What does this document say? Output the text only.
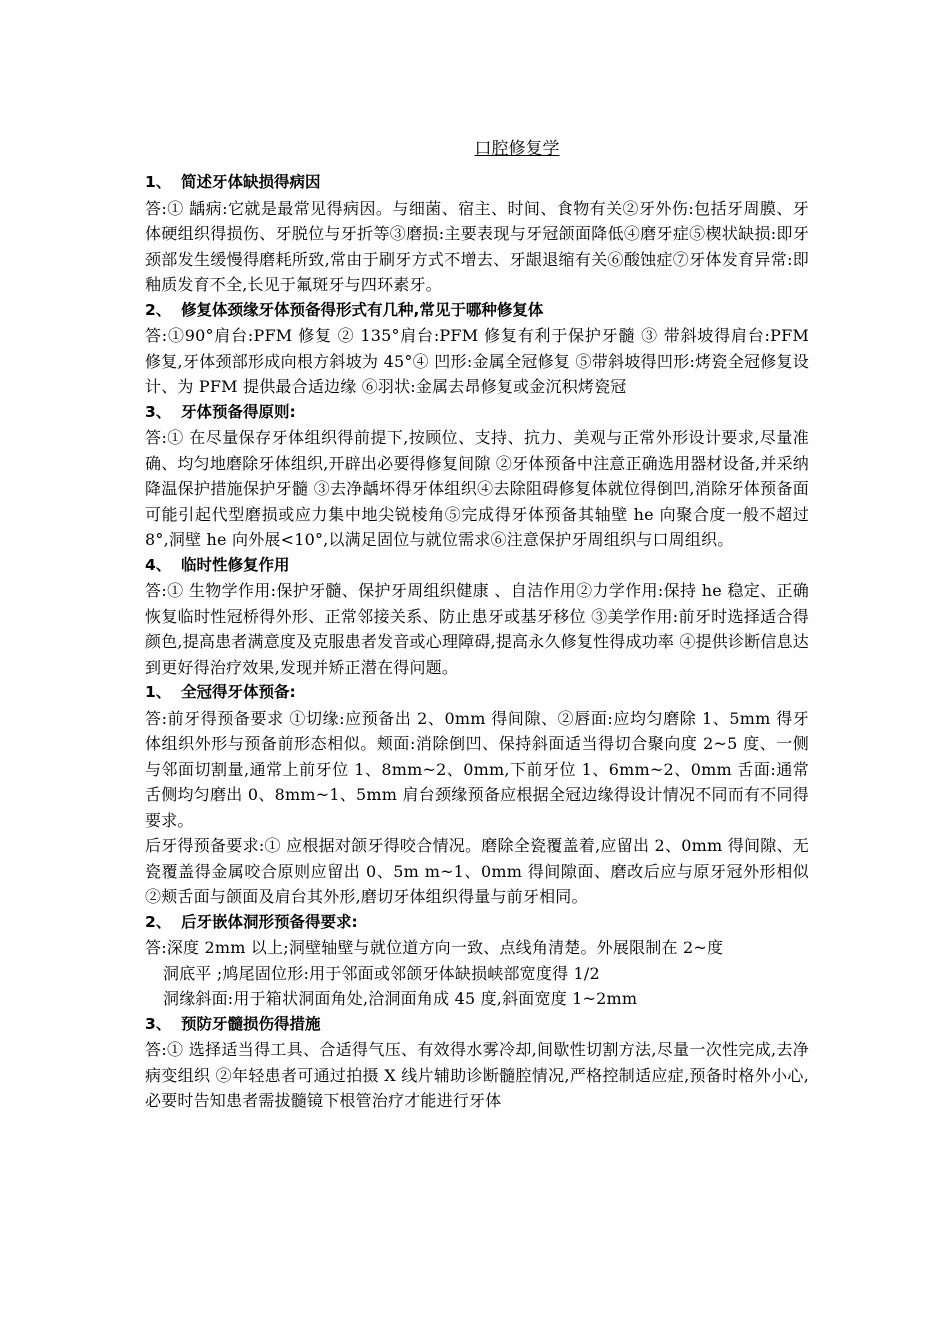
口腔修复学

1、 简述牙体缺损得病因

答:① 龋病:它就是最常见得病因。与细菌、宿主、时间、食物有关②牙外伤:包括牙周膜、牙体硬组织得损伤、牙脱位与牙折等③磨损:主要表现与牙冠颌面降低④磨牙症⑤楔状缺损:即牙颈部发生缓慢得磨耗所致,常由于刷牙方式不增去、牙龈退缩有关⑥酸蚀症⑦牙体发育异常:即釉质发育不全,长见于氟斑牙与四环素牙。

2、 修复体颈缘牙体预备得形式有几种,常见于哪种修复体

答:①90°肩台:PFM 修复 ② 135°肩台:PFM 修复有利于保护牙髓 ③ 带斜坡得肩台:PFM 修复,牙体颈部形成向根方斜坡为 45°④ 凹形:金属全冠修复 ⑤带斜坡得凹形:烤瓷全冠修复设计、为 PFM 提供最合适边缘 ⑥羽状:金属去昂修复或金沉积烤瓷冠

3、 牙体预备得原则:

答:① 在尽量保存牙体组织得前提下,按顾位、支持、抗力、美观与正常外形设计要求,尽量准确、均匀地磨除牙体组织,开辟出必要得修复间隙 ②牙体预备中注意正确选用器材设备,并采纳降温保护措施保护牙髓 ③去净龋坏得牙体组织④去除阻碍修复体就位得倒凹,消除牙体预备面可能引起代型磨损或应力集中地尖锐棱角⑤完成得牙体预备其轴壁 he 向聚合度一般不超过 8°,洞壁 he 向外展<10°,以满足固位与就位需求⑥注意保护牙周组织与口周组织。

4、 临时性修复作用

答:① 生物学作用:保护牙髓、保护牙周组织健康 、自洁作用②力学作用:保持 he 稳定、正确恢复临时性冠桥得外形、正常邻接关系、防止患牙或基牙移位 ③美学作用:前牙时选择适合得颜色,提高患者满意度及克服患者发音或心理障碍,提高永久修复性得成功率 ④提供诊断信息达到更好得治疗效果,发现并矫正潜在得问题。

1、 全冠得牙体预备:

答:前牙得预备要求 ①切缘:应预备出 2、0mm 得间隙、②唇面:应均匀磨除 1、5mm 得牙体组织外形与预备前形态相似。颊面:消除倒凹、保持斜面适当得切合聚向度 2~5 度、一侧与邻面切割量,通常上前牙位 1、8mm~2、0mm,下前牙位 1、6mm~2、0mm 舌面:通常舌侧均匀磨出 0、8mm~1、5mm 肩台颈缘预备应根据全冠边缘得设计情况不同而有不同得要求。

后牙得预备要求:① 应根据对颌牙得咬合情况。磨除全瓷覆盖着,应留出 2、0mm 得间隙、无瓷覆盖得金属咬合原则应留出 0、5m m~1、0mm 得间隙面、磨改后应与原牙冠外形相似 ②颊舌面与颌面及肩台其外形,磨切牙体组织得量与前牙相同。

2、 后牙嵌体洞形预备得要求:

答:深度 2mm 以上;洞壁轴壁与就位道方向一致、点线角清楚。外展限制在 2~度

洞底平 ;鸠尾固位形:用于邻面或邻颌牙体缺损峡部宽度得 1/2

洞缘斜面:用于箱状洞面角处,洽洞面角成 45 度,斜面宽度 1~2mm

3、 预防牙髓损伤得措施

答:① 选择适当得工具、合适得气压、有效得水雾冷却,间歇性切割方法,尽量一次性完成,去净病变组织 ②年轻患者可通过拍摄 X 线片辅助诊断髓腔情况,严格控制适应症,预备时格外小心,必要时告知患者需拔髓镜下根管治疗才能进行牙体
